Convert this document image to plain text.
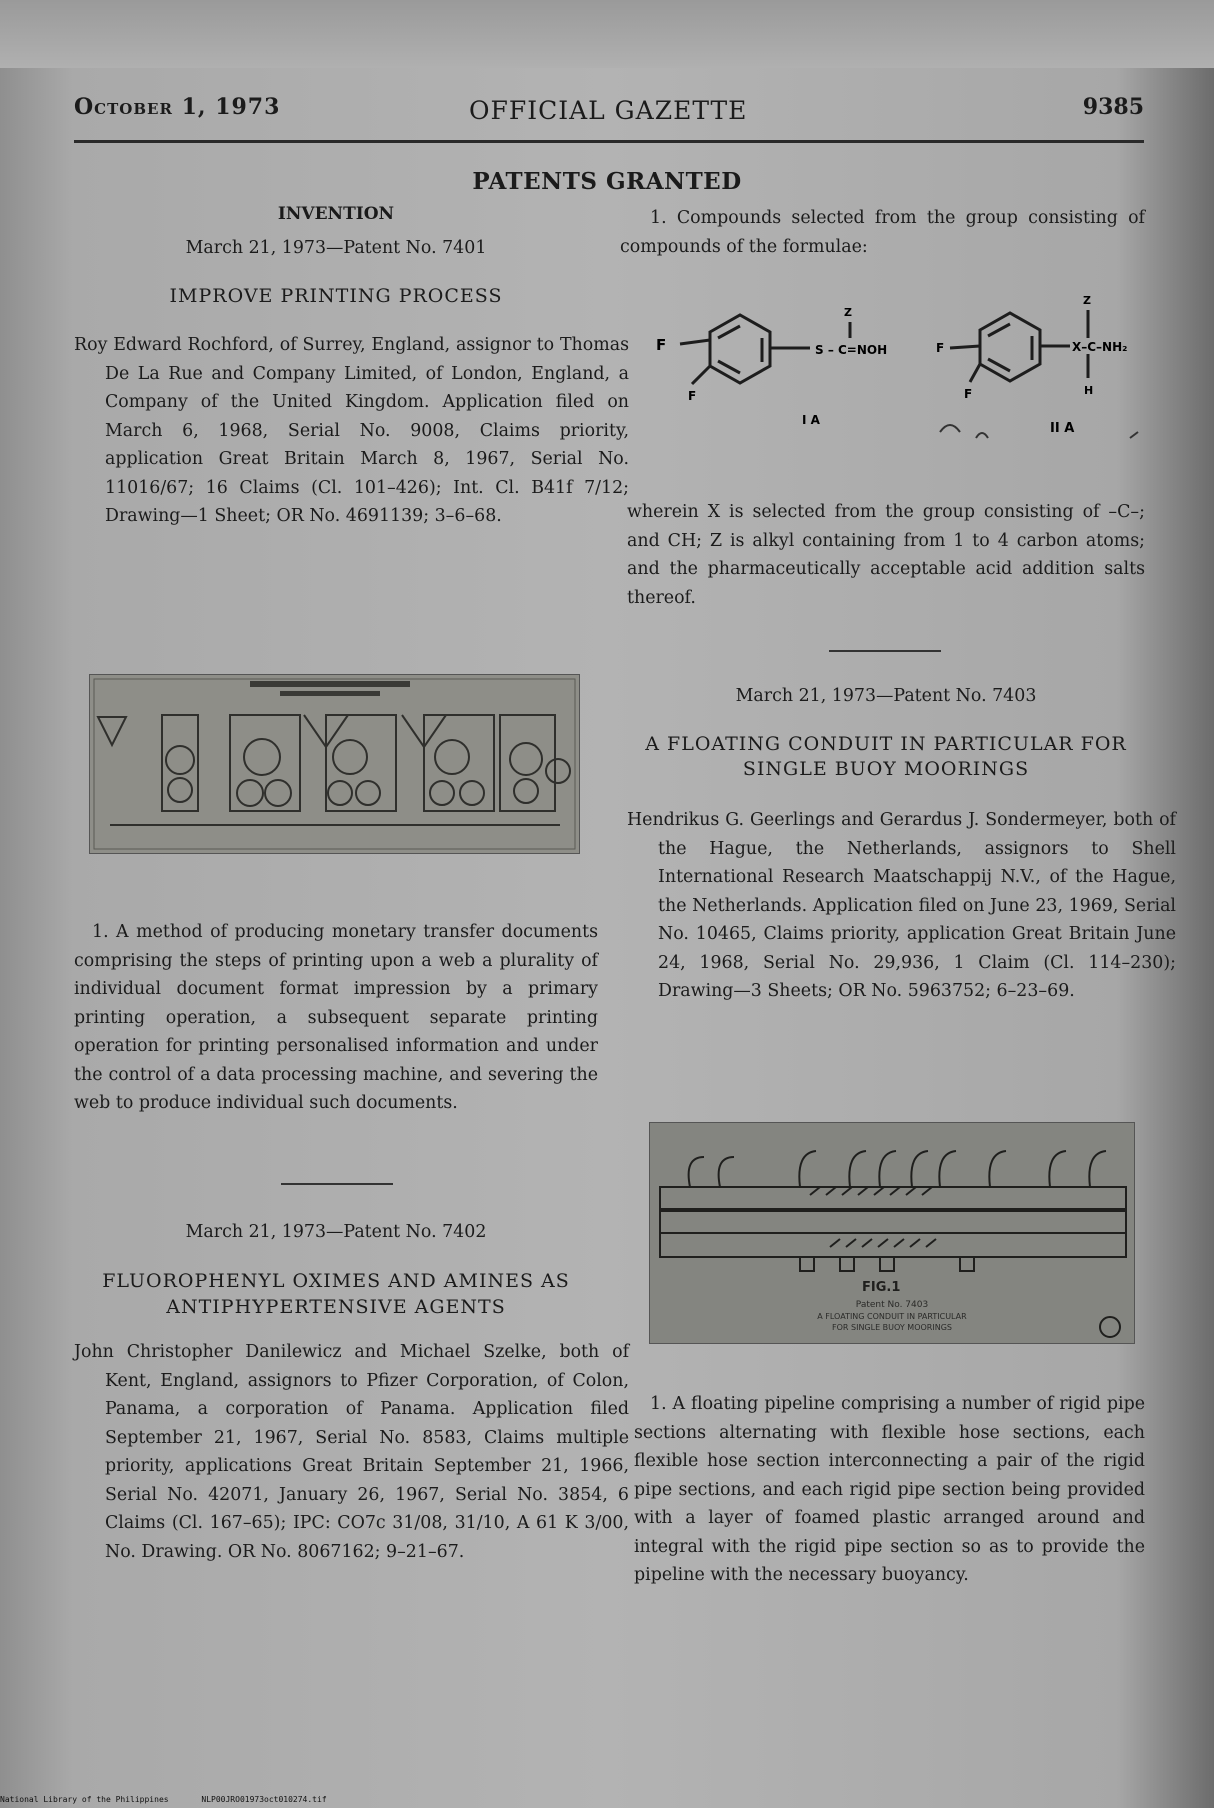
October 1, 1973	OFFICIAL GAZETTE	9385
PATENTS GRANTED
INVENTION
March 21, 1973—Patent No. 7401
IMPROVE PRINTING PROCESS
Roy Edward Rochford, of Surrey, England, assignor to Thomas De La Rue and Company Limited, of London, England, a Company of the United Kingdom. Application filed on March 6, 1968, Serial No. 9008, Claims priority, application Great Britain March 8, 1967, Serial No. 11016/67; 16 Claims (Cl. 101–426); Int. Cl. B41f 7/12; Drawing—1 Sheet; OR No. 4691139; 3–6–68.
1. A method of producing monetary transfer documents comprising the steps of printing upon a web a plurality of individual document format impression by a primary printing operation, a subsequent separate printing operation for printing personalised information and under the control of a data processing machine, and severing the web to produce individual such documents.
March 21, 1973—Patent No. 7402
FLUOROPHENYL OXIMES AND AMINES AS
ANTIPHYPERTENSIVE AGENTS
John Christopher Danilewicz and Michael Szelke, both of Kent, England, assignors to Pfizer Corporation, of Colon, Panama, a corporation of Panama. Application filed September 21, 1967, Serial No. 8583, Claims multiple priority, applications Great Britain September 21, 1966, Serial No. 42071, January 26, 1967, Serial No. 3854, 6 Claims (Cl. 167–65); IPC: CO7c 31/08, 31/10, A 61 K 3/00, No. Drawing. OR No. 8067162; 9–21–67.
1. Compounds selected from the group consisting of compounds of the formulae:
F
F
S – C=NOH
Z
I A
F
F
X–C–NH₂
Z
H
II A
wherein X is selected from the group consisting of –C–; and CH; Z is alkyl containing from 1 to 4 carbon atoms; and the pharmaceutically acceptable acid addition salts thereof.
March 21, 1973—Patent No. 7403
A FLOATING CONDUIT IN PARTICULAR FOR
SINGLE BUOY MOORINGS
Hendrikus G. Geerlings and Gerardus J. Sondermeyer, both of the Hague, the Netherlands, assignors to Shell International Research Maatschappij N.V., of the Hague, the Netherlands. Application filed on June 23, 1969, Serial No. 10465, Claims priority, application Great Britain June 24, 1968, Serial No. 29,936, 1 Claim (Cl. 114–230); Drawing—3 Sheets; OR No. 5963752; 6–23–69.
FIG.1
Patent No. 7403
A FLOATING CONDUIT IN PARTICULAR
FOR SINGLE BUOY MOORINGS
1. A floating pipeline comprising a number of rigid pipe sections alternating with flexible hose sections, each flexible hose section interconnecting a pair of the rigid pipe sections, and each rigid pipe section being provided with a layer of foamed plastic arranged around and integral with the rigid pipe section so as to provide the pipeline with the necessary buoyancy.
National Library of the Philippines	NLP00JRO01973oct010274.tif
